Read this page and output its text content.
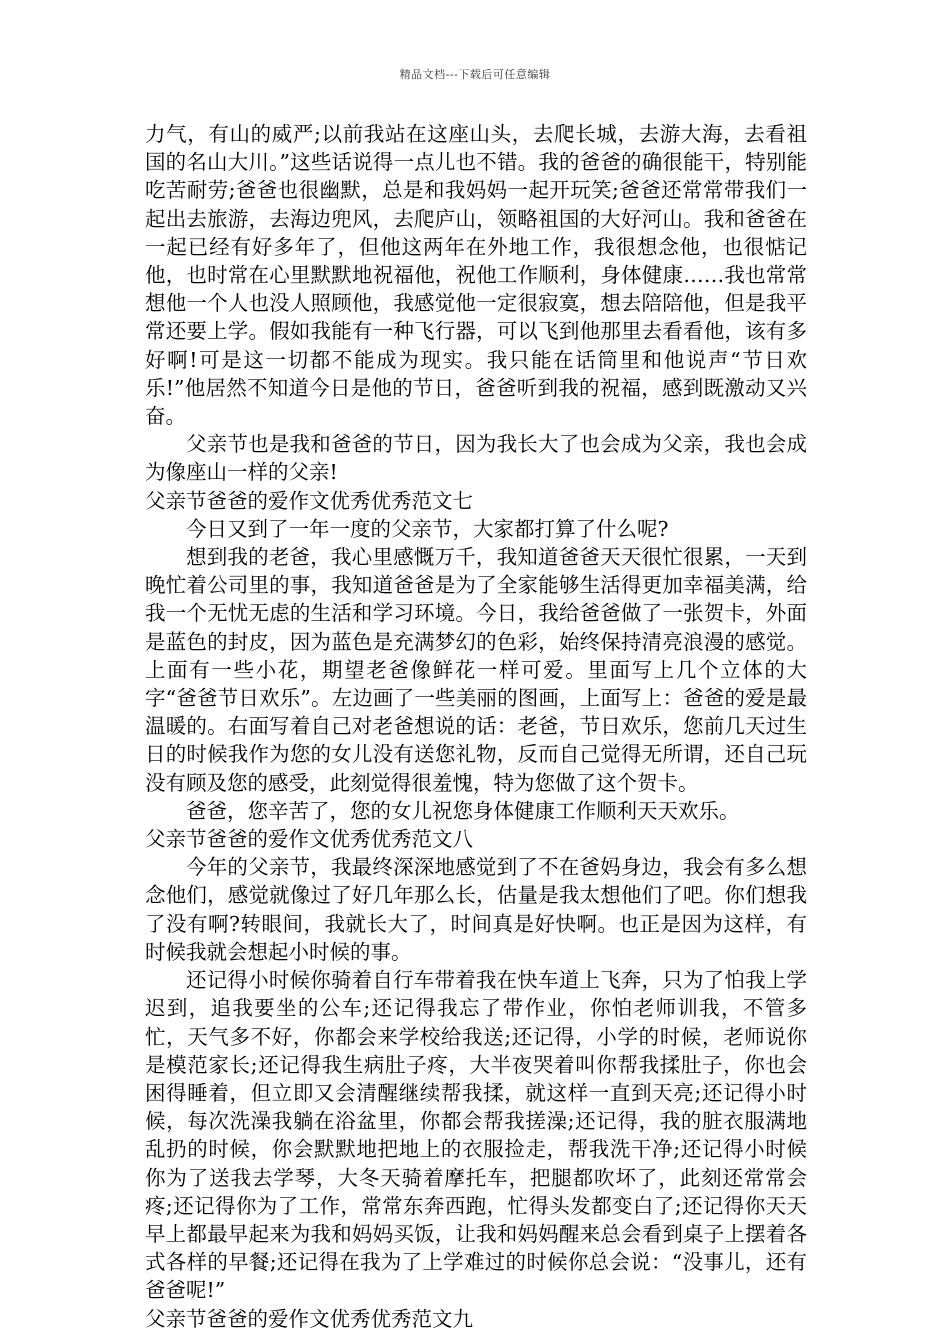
精品文档---下载后可任意编辑

力气，有山的威严;以前我站在这座山头，去爬长城，去游大海，去看祖国的名山大川。”这些话说得一点儿也不错。我的爸爸的确很能干，特别能吃苦耐劳;爸爸也很幽默，总是和我妈妈一起开玩笑;爸爸还常常带我们一起出去旅游，去海边兜风，去爬庐山，领略祖国的大好河山。我和爸爸在一起已经有好多年了，但他这两年在外地工作，我很想念他，也很惦记他，也时常在心里默默地祝福他，祝他工作顺利，身体健康……我也常常想他一个人也没人照顾他，我感觉他一定很寂寞，想去陪陪他，但是我平常还要上学。假如我能有一种飞行器，可以飞到他那里去看看他，该有多好啊!可是这一切都不能成为现实。我只能在话筒里和他说声“节日欢乐!”他居然不知道今日是他的节日，爸爸听到我的祝福，感到既激动又兴奋。

父亲节也是我和爸爸的节日，因为我长大了也会成为父亲，我也会成为像座山一样的父亲!

父亲节爸爸的爱作文优秀优秀范文七

今日又到了一年一度的父亲节，大家都打算了什么呢?

想到我的老爸，我心里感慨万千，我知道爸爸天天很忙很累，一天到晚忙着公司里的事，我知道爸爸是为了全家能够生活得更加幸福美满，给我一个无忧无虑的生活和学习环境。今日，我给爸爸做了一张贺卡，外面是蓝色的封皮，因为蓝色是充满梦幻的色彩，始终保持清亮浪漫的感觉。上面有一些小花，期望老爸像鲜花一样可爱。里面写上几个立体的大字“爸爸节日欢乐”。左边画了一些美丽的图画，上面写上：爸爸的爱是最温暖的。右面写着自己对老爸想说的话：老爸，节日欢乐，您前几天过生日的时候我作为您的女儿没有送您礼物，反而自己觉得无所谓，还自己玩没有顾及您的感受，此刻觉得很羞愧，特为您做了这个贺卡。

爸爸，您辛苦了，您的女儿祝您身体健康工作顺利天天欢乐。

父亲节爸爸的爱作文优秀优秀范文八

今年的父亲节，我最终深深地感觉到了不在爸妈身边，我会有多么想念他们，感觉就像过了好几年那么长，估量是我太想他们了吧。你们想我了没有啊?转眼间，我就长大了，时间真是好快啊。也正是因为这样，有时候我就会想起小时候的事。

还记得小时候你骑着自行车带着我在快车道上飞奔，只为了怕我上学迟到，追我要坐的公车;还记得我忘了带作业，你怕老师训我，不管多忙，天气多不好，你都会来学校给我送;还记得，小学的时候，老师说你是模范家长;还记得我生病肚子疼，大半夜哭着叫你帮我揉肚子，你也会困得睡着，但立即又会清醒继续帮我揉，就这样一直到天亮;还记得小时候，每次洗澡我躺在浴盆里，你都会帮我搓澡;还记得，我的脏衣服满地乱扔的时候，你会默默地把地上的衣服捡走，帮我洗干净;还记得小时候你为了送我去学琴，大冬天骑着摩托车，把腿都吹坏了，此刻还常常会疼;还记得你为了工作，常常东奔西跑，忙得头发都变白了;还记得你天天早上都最早起来为我和妈妈买饭，让我和妈妈醒来总会看到桌子上摆着各式各样的早餐;还记得在我为了上学难过的时候你总会说：“没事儿，还有爸爸呢!”

父亲节爸爸的爱作文优秀优秀范文九
